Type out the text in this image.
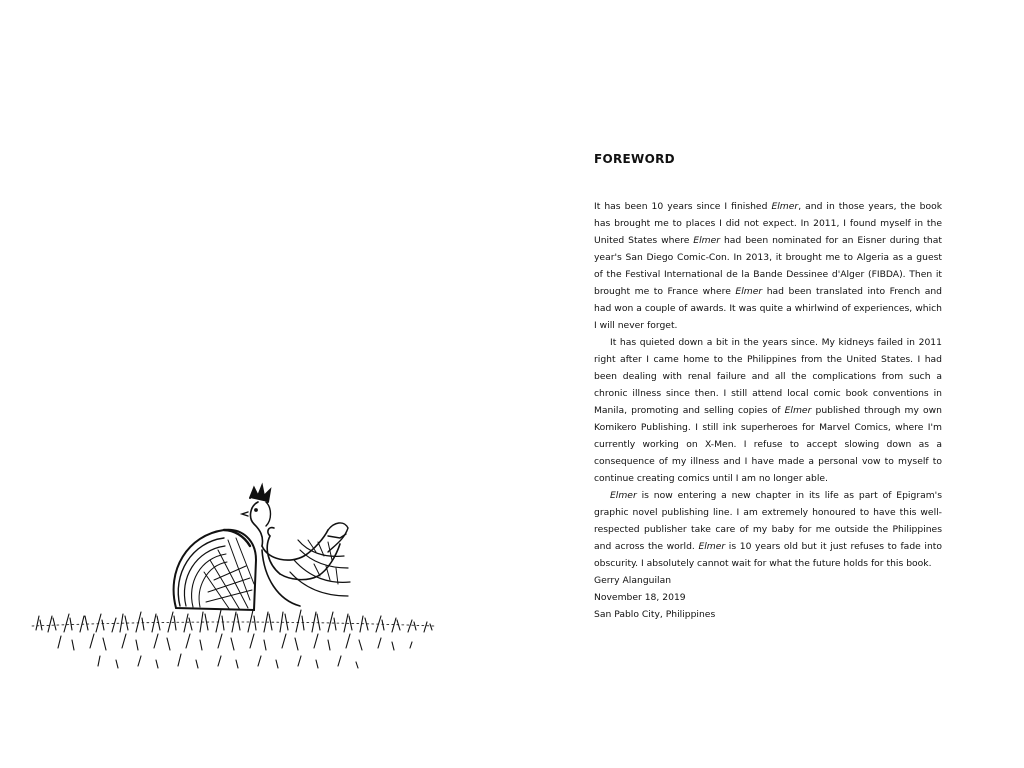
FOREWORD

It has been 10 years since I finished Elmer, and in those years, the book has brought me to places I did not expect. In 2011, I found myself in the United States where Elmer had been nominated for an Eisner during that year's San Diego Comic-Con. In 2013, it brought me to Algeria as a guest of the Festival International de la Bande Dessinee d'Alger (FIBDA). Then it brought me to France where Elmer had been translated into French and had won a couple of awards. It was quite a whirlwind of experiences, which I will never forget.

It has quieted down a bit in the years since. My kidneys failed in 2011 right after I came home to the Philippines from the United States. I had been dealing with renal failure and all the complications from such a chronic illness since then. I still attend local comic book conventions in Manila, promoting and selling copies of Elmer published through my own Komikero Publishing. I still ink superheroes for Marvel Comics, where I'm currently working on X-Men. I refuse to accept slowing down as a consequence of my illness and I have made a personal vow to myself to continue creating comics until I am no longer able.

Elmer is now entering a new chapter in its life as part of Epigram's graphic novel publishing line. I am extremely honoured to have this well-respected publisher take care of my baby for me outside the Philippines and across the world. Elmer is 10 years old but it just refuses to fade into obscurity. I absolutely cannot wait for what the future holds for this book.

Gerry Alanguilan
November 18, 2019
San Pablo City, Philippines
